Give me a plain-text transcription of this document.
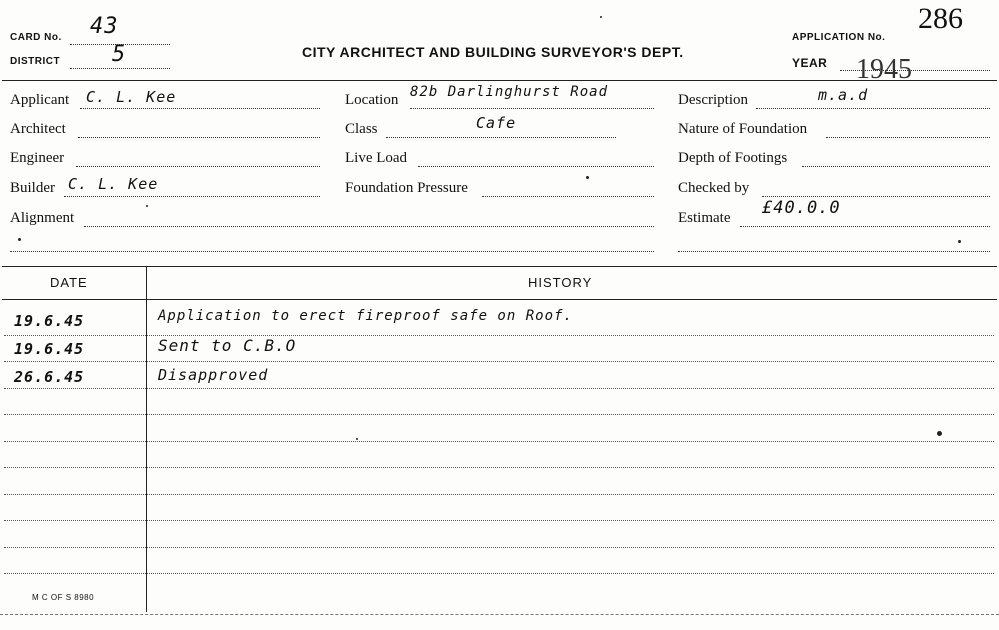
CARD No. 43
DISTRICT 5	CITY ARCHITECT AND BUILDING SURVEYOR'S DEPT.
APPLICATION No.
286
YEAR 1945
Applicant C. L. Kee
Architect
Engineer
Builder C. L. Kee
Alignment
Location 82b Darlinghurst Road
Class	Cafe
Live Load
Foundation Pressure
Description	m.a.d
Nature of Foundation
Depth of Footings
Checked by
Estimate £40.0.0
DATE	HISTORY
19.6.45	Application to erect fireproof safe on Roof.
19.6.45	Sent to C.B.O
26.6.45	Disapproved
M C OF S 8980
